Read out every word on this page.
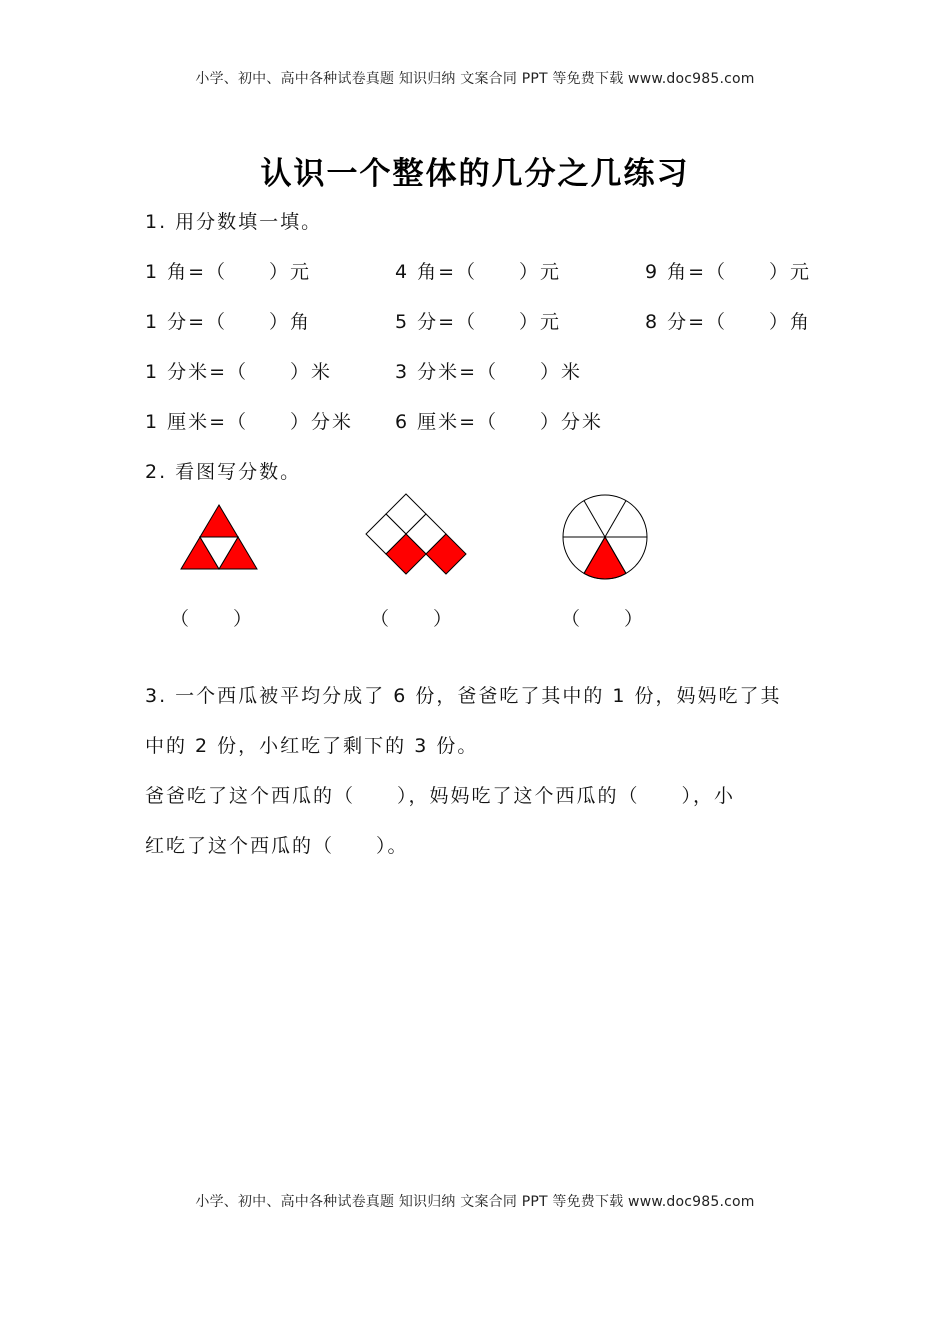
小学、初中、高中各种试卷真题 知识归纳 文案合同 PPT 等免费下载 www.doc985.com
认识一个整体的几分之几练习
1. 用分数填一填。
1 角=（　　）元	4 角=（　　）元	9 角=（　　）元
1 分=（　　）角	5 分=（　　）元	8 分=（　　）角
1 分米=（　　）米	3 分米=（　　）米
1 厘米=（　　）分米 6 厘米=（　　）分米
2. 看图写分数。
（　　）	（　　）	（　　）
3. 一个西瓜被平均分成了 6 份，爸爸吃了其中的 1 份，妈妈吃了其
中的 2 份，小红吃了剩下的 3 份。
爸爸吃了这个西瓜的（　　），妈妈吃了这个西瓜的（　　），小
红吃了这个西瓜的（　　）。
小学、初中、高中各种试卷真题 知识归纳 文案合同 PPT 等免费下载 www.doc985.com
